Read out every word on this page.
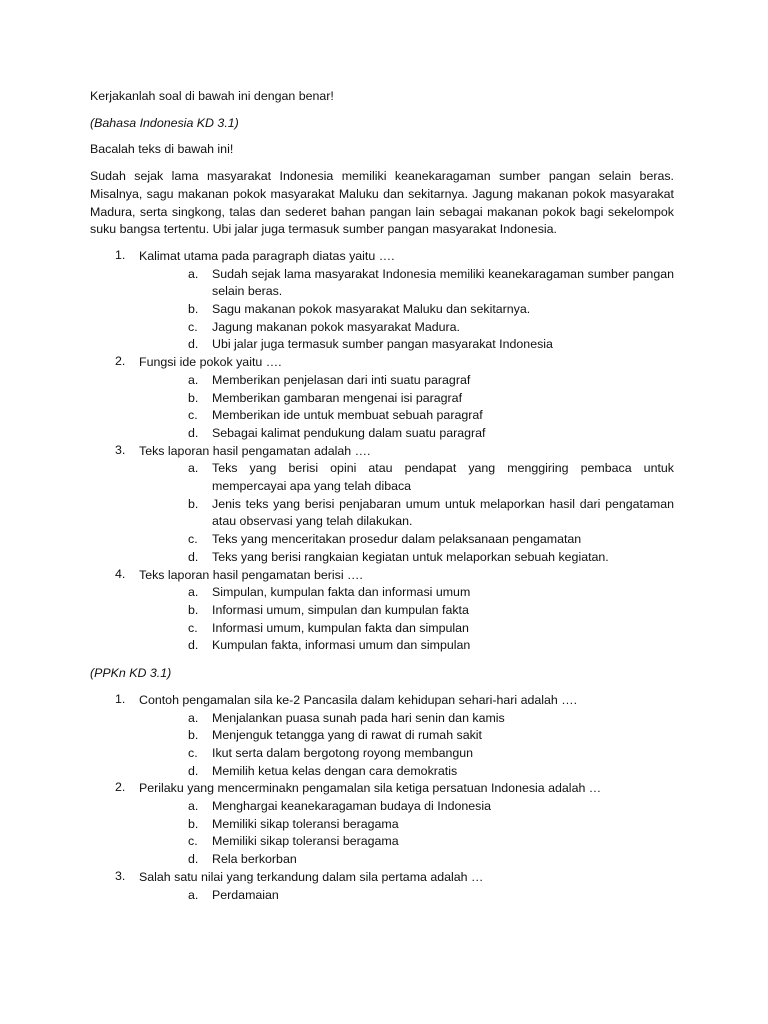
Kerjakanlah soal di bawah ini dengan benar!

(Bahasa Indonesia KD 3.1)

Bacalah teks di bawah ini!

Sudah sejak lama masyarakat Indonesia memiliki keanekaragaman sumber pangan selain beras. Misalnya, sagu makanan pokok masyarakat Maluku dan sekitarnya. Jagung makanan pokok masyarakat Madura, serta singkong, talas dan sederet bahan pangan lain sebagai makanan pokok bagi sekelompok suku bangsa tertentu. Ubi jalar juga termasuk sumber pangan masyarakat Indonesia.

1. Kalimat utama pada paragraph diatas yaitu ….
a. Sudah sejak lama masyarakat Indonesia memiliki keanekaragaman sumber pangan selain beras.
b. Sagu makanan pokok masyarakat Maluku dan sekitarnya.
c. Jagung makanan pokok masyarakat Madura.
d. Ubi jalar juga termasuk sumber pangan masyarakat Indonesia
2. Fungsi ide pokok yaitu ….
a. Memberikan penjelasan dari inti suatu paragraf
b. Memberikan gambaran mengenai isi paragraf
c. Memberikan ide untuk membuat sebuah paragraf
d. Sebagai kalimat pendukung dalam suatu paragraf
3. Teks laporan hasil pengamatan adalah ….
a. Teks yang berisi opini atau pendapat yang menggiring pembaca untuk mempercayai apa yang telah dibaca
b. Jenis teks yang berisi penjabaran umum untuk melaporkan hasil dari pengataman atau observasi yang telah dilakukan.
c. Teks yang menceritakan prosedur dalam pelaksanaan pengamatan
d. Teks yang berisi rangkaian kegiatan untuk melaporkan sebuah kegiatan.
4. Teks laporan hasil pengamatan berisi ….
a. Simpulan, kumpulan fakta dan informasi umum
b. Informasi umum, simpulan dan kumpulan fakta
c. Informasi umum, kumpulan fakta dan simpulan
d. Kumpulan fakta, informasi umum dan simpulan

(PPKn KD 3.1)

1. Contoh pengamalan sila ke-2 Pancasila dalam kehidupan sehari-hari adalah ….
a. Menjalankan puasa sunah pada hari senin dan kamis
b. Menjenguk tetangga yang di rawat di rumah sakit
c. Ikut serta dalam bergotong royong membangun
d. Memilih ketua kelas dengan cara demokratis
2. Perilaku yang mencerminakn pengamalan sila ketiga persatuan Indonesia adalah …
a. Menghargai keanekaragaman budaya di Indonesia
b. Memiliki sikap toleransi beragama
c. Memiliki sikap toleransi beragama
d. Rela berkorban
3. Salah satu nilai yang terkandung dalam sila pertama adalah …
a. Perdamaian
